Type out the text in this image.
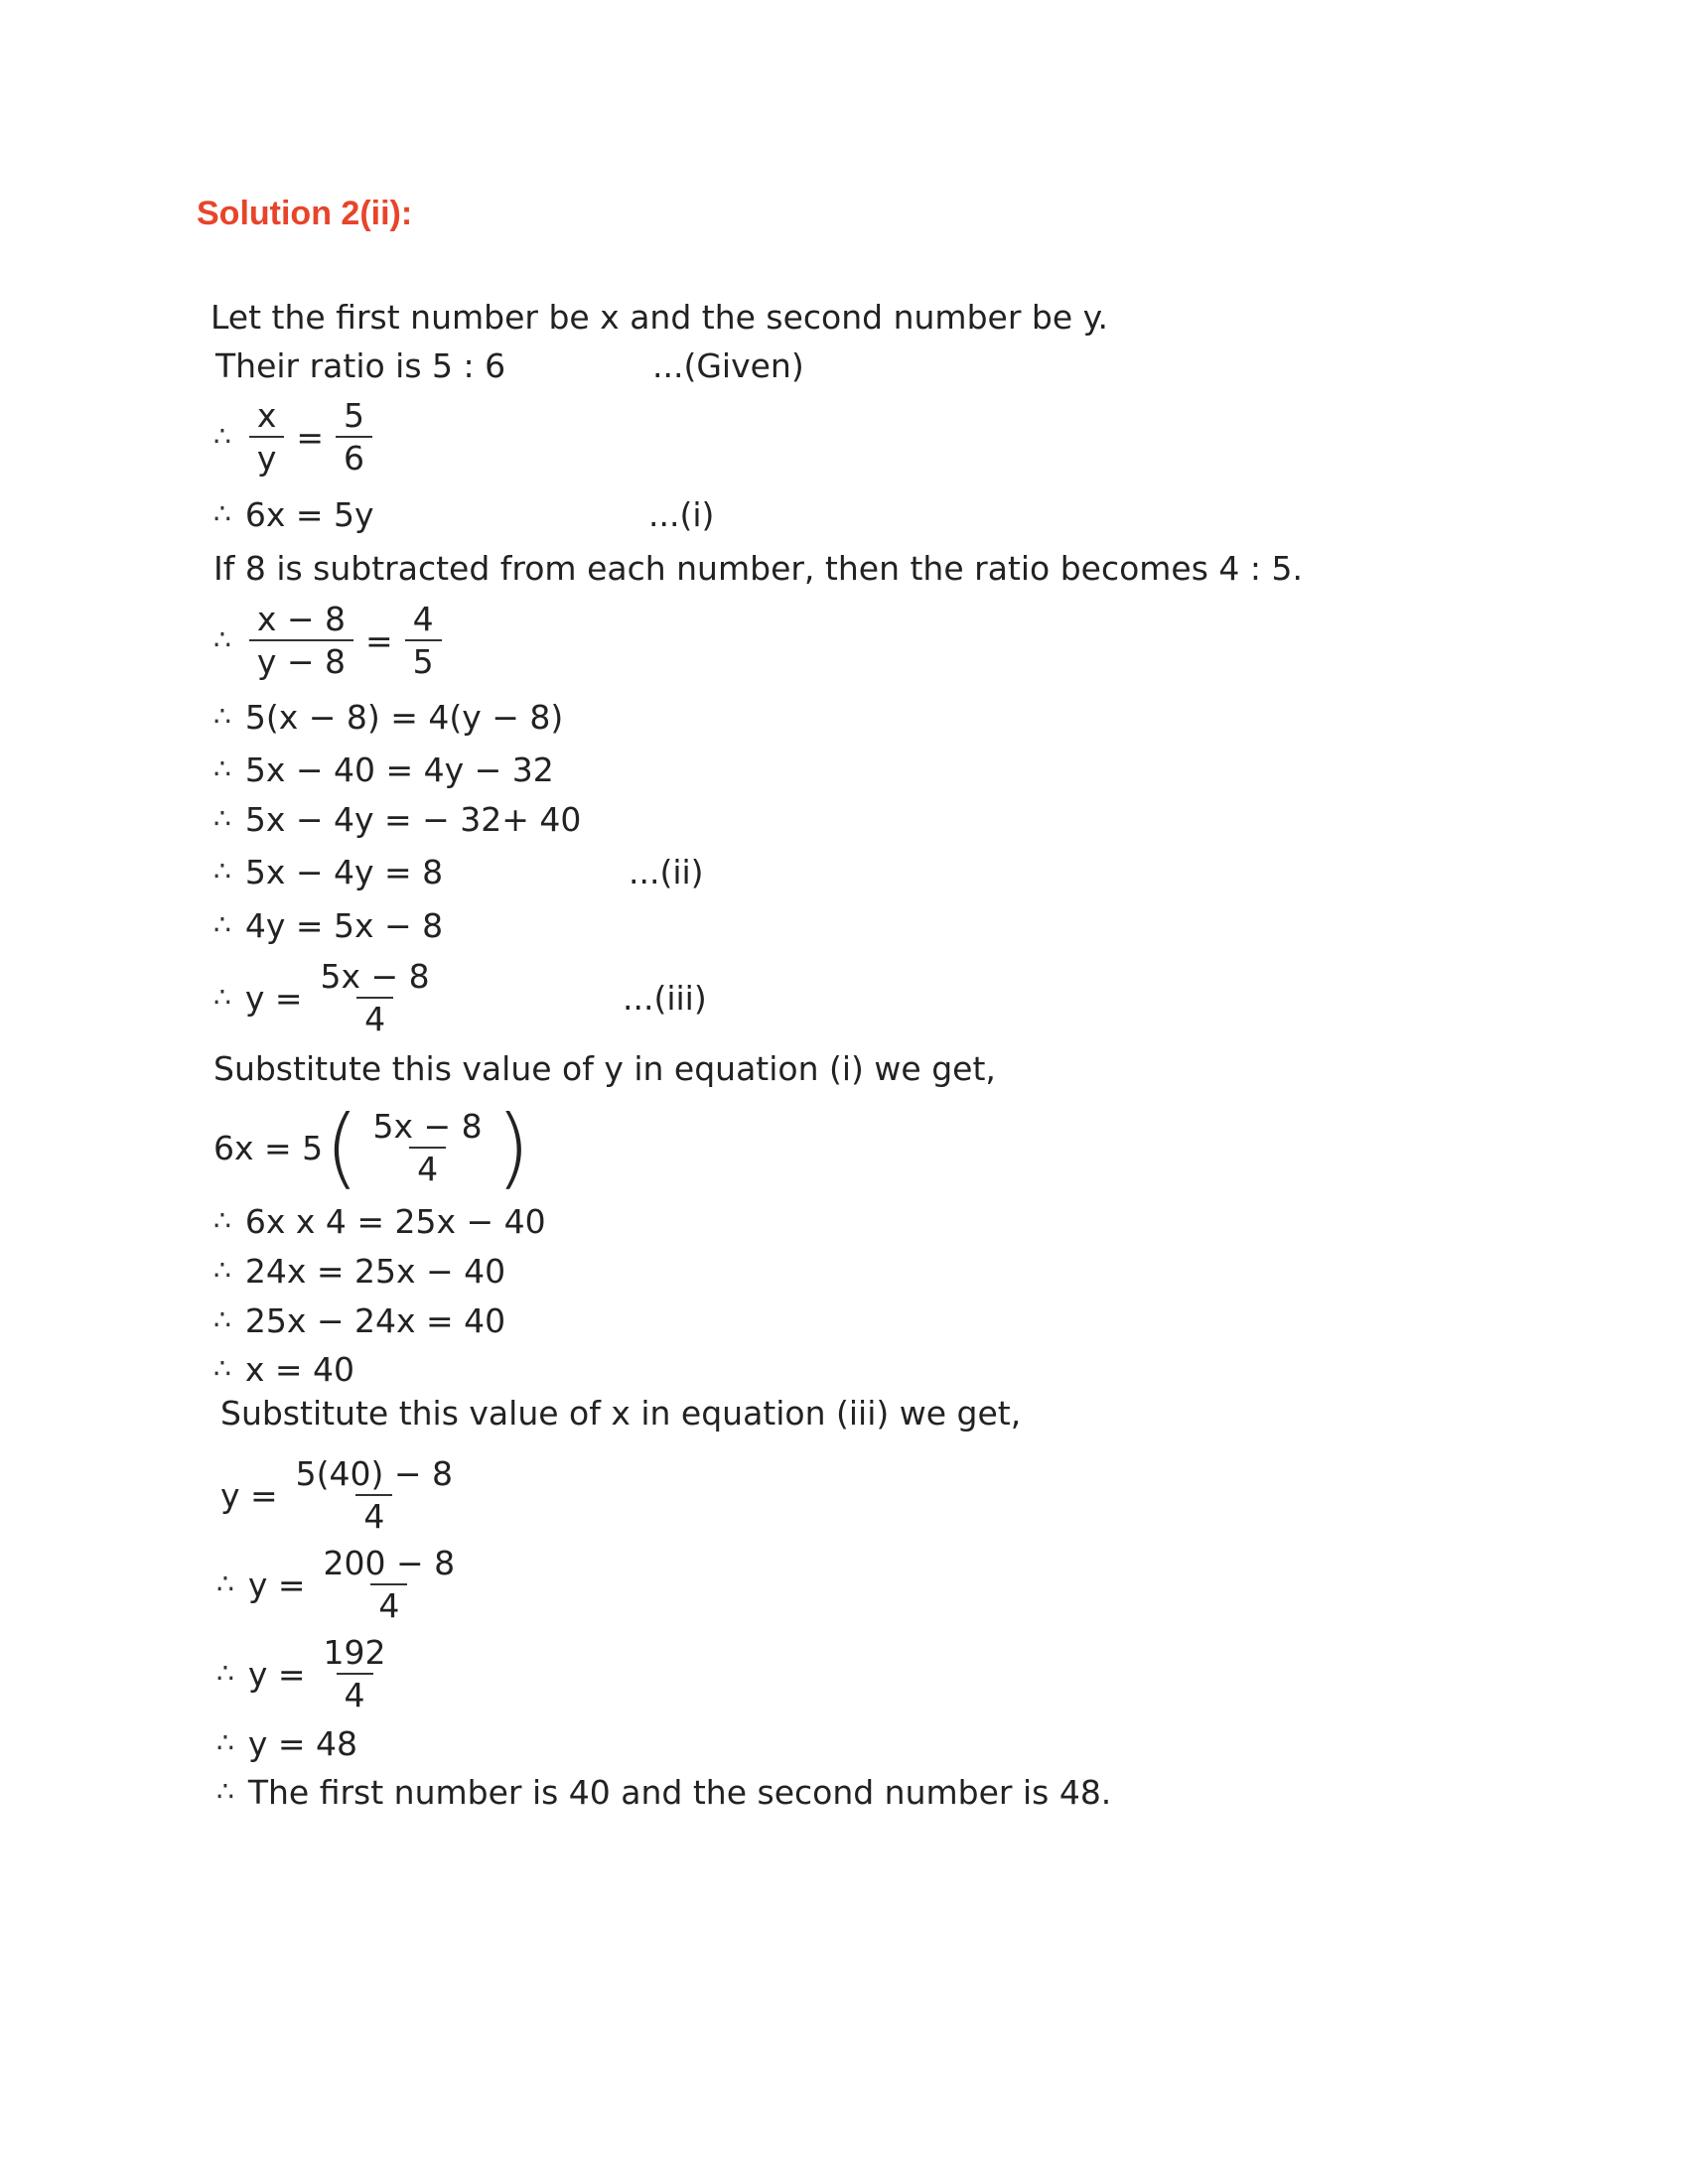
Solution 2(ii):
Let the first number be x and the second number be y.
Their ratio is 5 : 6	...(Given)
∴ $\frac{x}{y} = \frac{5}{6}$
∴ 6x = 5y	...(i)
If 8 is subtracted from each number, then the ratio becomes 4 : 5.
∴ $\frac{x - 8}{y - 8} = \frac{4}{5}$
∴ 5(x − 8) = 4(y − 8)
∴ 5x − 40 = 4y − 32
∴ 5x − 4y = − 32+ 40
∴ 5x − 4y = 8	...(ii)
∴ 4y = 5x − 8
∴ $y = \frac{5x - 8}{4}$	...(iii)
Substitute this value of y in equation (i) we get,
6x = 5 ( $\frac{5x - 8}{4}$ )
∴ 6x x 4 = 25x − 40
∴ 24x = 25x − 40
∴ 25x − 24x = 40
∴ x = 40
Substitute this value of x in equation (iii) we get,
$y = \frac{5(40) - 8}{4}$
∴ $y = \frac{200 - 8}{4}$
∴ $y = \frac{192}{4}$
∴ y = 48
∴ The first number is 40 and the second number is 48.
